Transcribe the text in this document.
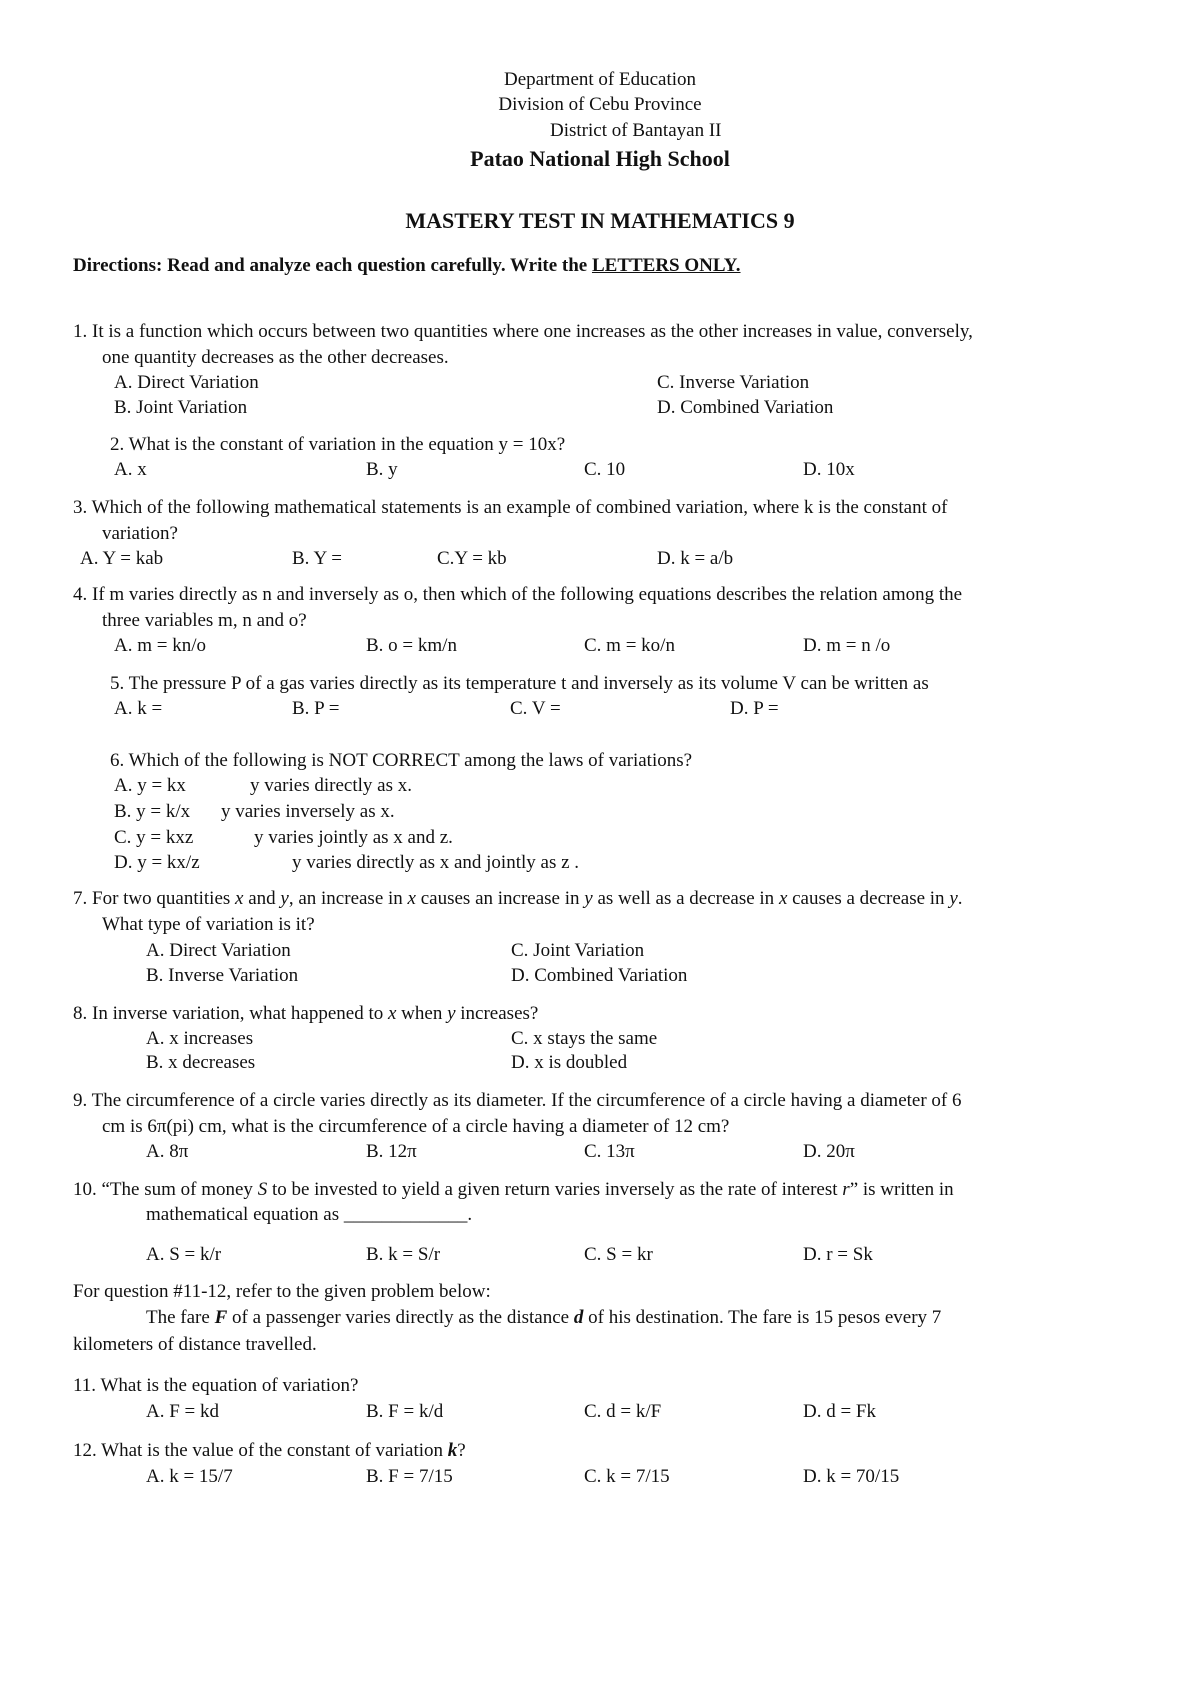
Department of Education
Division of Cebu Province
District of Bantayan II
Patao National High School
MASTERY TEST IN MATHEMATICS 9
Directions: Read and analyze each question carefully. Write the LETTERS ONLY.
1. It is a function which occurs between two quantities where one increases as the other increases in value, conversely,
one quantity decreases as the other decreases.
A. Direct Variation	C. Inverse Variation
B. Joint Variation	D. Combined Variation
2. What is the constant of variation in the equation y = 10x?
A. x	B. y	C. 10	D. 10x
3. Which of the following mathematical statements is an example of combined variation, where k is the constant of
variation?
A. Y = kab	B. Y =	C.Y = kb	D. k = a/b
4. If m varies directly as n and inversely as o, then which of the following equations describes the relation among the
three variables m, n and o?
A. m = kn/o	B. o = km/n	C. m = ko/n	D. m = n /o
5. The pressure P of a gas varies directly as its temperature t and inversely as its volume V can be written as
A. k =	B. P =	C. V =	D. P =
6. Which of the following is NOT CORRECT among the laws of variations?
A. y = kx	y varies directly as x.
B. y = k/x y varies inversely as x.
C. y = kxz	y varies jointly as x and z.
D. y = kx/z	y varies directly as x and jointly as z .
7. For two quantities x and y, an increase in x causes an increase in y as well as a decrease in x causes a decrease in y.
What type of variation is it?
A. Direct Variation	C. Joint Variation
B. Inverse Variation	D. Combined Variation
8. In inverse variation, what happened to x when y increases?
A. x increases	C. x stays the same
B. x decreases	D. x is doubled
9. The circumference of a circle varies directly as its diameter. If the circumference of a circle having a diameter of 6
cm is 6π(pi) cm, what is the circumference of a circle having a diameter of 12 cm?
A. 8π	B. 12π	C. 13π	D. 20π
10. “The sum of money S to be invested to yield a given return varies inversely as the rate of interest r” is written in
mathematical equation as _____________.
A. S = k/r	B. k = S/r	C. S = kr	D. r = Sk
For question #11-12, refer to the given problem below:
The fare F of a passenger varies directly as the distance d of his destination. The fare is 15 pesos every 7
kilometers of distance travelled.
11. What is the equation of variation?
A. F = kd	B. F = k/d	C. d = k/F	D. d = Fk
12. What is the value of the constant of variation k?
A. k = 15/7	B. F = 7/15	C. k = 7/15	D. k = 70/15
